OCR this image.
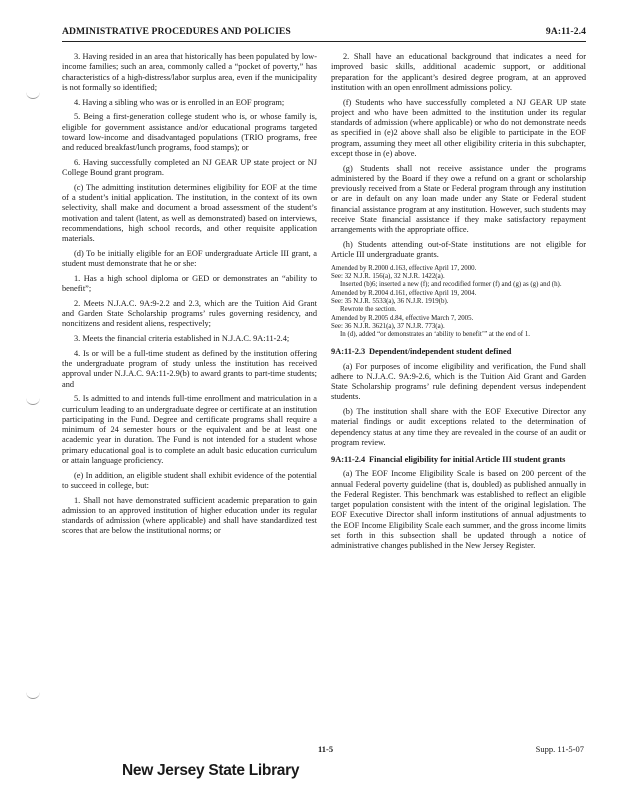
ADMINISTRATIVE PROCEDURES AND POLICIES	9A:11-2.4

3. Having resided in an area that historically has been populated by low-income families; such an area, commonly called a “pocket of poverty,” has characteristics of a high-distress/labor surplus area, even if the municipality is not formally so identified;

4. Having a sibling who was or is enrolled in an EOF program;

5. Being a first-generation college student who is, or whose family is, eligible for government assistance and/or educational programs targeted toward low-income and disadvantaged populations (TRIO programs, free and reduced breakfast/lunch programs, food stamps); or

6. Having successfully completed an NJ GEAR UP state project or NJ College Bound grant program.

(c) The admitting institution determines eligibility for EOF at the time of a student’s initial application. The institution, in the context of its own selectivity, shall make and document a broad assessment of the student’s motivation and talent (latent, as well as demonstrated) based on interviews, recommendations, high school records, and other requisite application materials.

(d) To be initially eligible for an EOF undergraduate Article III grant, a student must demonstrate that he or she:

1. Has a high school diploma or GED or demonstrates an “ability to benefit”;

2. Meets N.J.A.C. 9A:9-2.2 and 2.3, which are the Tuition Aid Grant and Garden State Scholarship programs’ rules governing residency, and noncitizens and resident aliens, respectively;

3. Meets the financial criteria established in N.J.A.C. 9A:11-2.4;

4. Is or will be a full-time student as defined by the institution offering the undergraduate program of study unless the institution has received approval under N.J.A.C. 9A:11-2.9(b) to award grants to part-time students; and

5. Is admitted to and intends full-time enrollment and matriculation in a curriculum leading to an undergraduate degree or certificate at an institution participating in the Fund. Degree and certificate programs shall require a minimum of 24 semester hours or the equivalent and be at least one academic year in duration. The Fund is not intended for a student whose primary educational goal is to complete an adult basic education curriculum or attain language proficiency.

(e) In addition, an eligible student shall exhibit evidence of the potential to succeed in college, but:

1. Shall not have demonstrated sufficient academic preparation to gain admission to an approved institution of higher education under its regular standards of admission (where applicable) and shall have standardized test scores that are below the institutional norms; or

2. Shall have an educational background that indicates a need for improved basic skills, additional academic support, or additional preparation for the applicant’s desired degree program, at an approved institution with an open enrollment admissions policy.

(f) Students who have successfully completed a NJ GEAR UP state project and who have been admitted to the institution under its regular standards of admission (where applicable) or who do not demonstrate needs as specified in (e)2 above shall also be eligible to participate in the EOF program, assuming they meet all other eligibility criteria in this subchapter, except those in (e) above.

(g) Students shall not receive assistance under the programs administered by the Board if they owe a refund on a grant or scholarship previously received from a State or Federal program through any institution or are in default on any loan made under any State or Federal student financial assistance program at any institution. However, such students may receive State financial assistance if they make satisfactory repayment arrangements with the appropriate office.

(h) Students attending out-of-State institutions are not eligible for Article III undergraduate grants.

Amended by R.2000 d.163, effective April 17, 2000.

See: 32 N.J.R. 156(a), 32 N.J.R. 1422(a).

Inserted (b)6; inserted a new (f); and recodified former (f) and (g) as (g) and (h).

Amended by R.2004 d.161, effective April 19, 2004.

See: 35 N.J.R. 5533(a), 36 N.J.R. 1919(b).

Rewrote the section.

Amended by R.2005 d.84, effective March 7, 2005.

See: 36 N.J.R. 3621(a), 37 N.J.R. 773(a).

In (d), added “or demonstrates an ‘ability to benefit’” at the end of 1.

9A:11-2.3 Dependent/independent student defined

(a) For purposes of income eligibility and verification, the Fund shall adhere to N.J.A.C. 9A:9-2.6, which is the Tuition Aid Grant and Garden State Scholarship programs’ rule defining dependent versus independent students.

(b) The institution shall share with the EOF Executive Director any material findings or audit exceptions related to the determination of dependency status at any time they are revealed in the course of an audit or program review.

9A:11-2.4 Financial eligibility for initial Article III student grants

(a) The EOF Income Eligibility Scale is based on 200 percent of the annual Federal poverty guideline (that is, doubled) as published annually in the Federal Register. This benchmark was established to reflect an eligible target population consistent with the intent of the original legislation. The EOF Executive Director shall inform institutions of annual adjustments to the EOF Income Eligibility Scale each summer, and the gross income limits set forth in this subsection shall be updated through a notice of administrative changes published in the New Jersey Register.

11-5	Supp. 11-5-07
New Jersey State Library
